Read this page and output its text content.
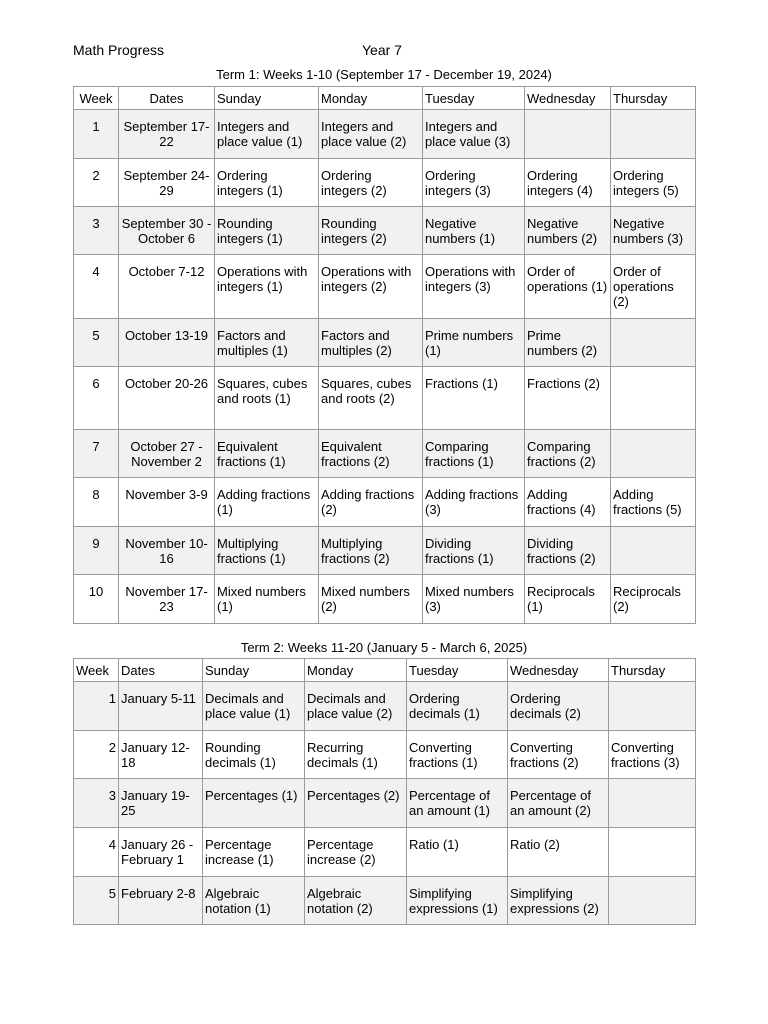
Math Progress	Year 7
Term 1: Weeks 1-10 (September 17 - December 19, 2024)
Week	Dates	Sunday	Monday	Tuesday	Wednesday	Thursday
1	September 17-22	Integers and place value (1)	Integers and place value (2)	Integers and place value (3)		
2	September 24-29	Ordering integers (1)	Ordering integers (2)	Ordering integers (3)	Ordering integers (4)	Ordering integers (5)
3	September 30 - October 6	Rounding integers (1)	Rounding integers (2)	Negative numbers (1)	Negative numbers (2)	Negative numbers (3)
4	October 7-12	Operations with integers (1)	Operations with integers (2)	Operations with integers (3)	Order of operations (1)	Order of operations (2)
5	October 13-19	Factors and multiples (1)	Factors and multiples (2)	Prime numbers (1)	Prime numbers (2)	
6	October 20-26	Squares, cubes and roots (1)	Squares, cubes and roots (2)	Fractions (1)	Fractions (2)	
7	October 27 - November 2	Equivalent fractions (1)	Equivalent fractions (2)	Comparing fractions (1)	Comparing fractions (2)	
8	November 3-9	Adding fractions (1)	Adding fractions (2)	Adding fractions (3)	Adding fractions (4)	Adding fractions (5)
9	November 10-16	Multiplying fractions (1)	Multiplying fractions (2)	Dividing fractions (1)	Dividing fractions (2)	
10	November 17-23	Mixed numbers (1)	Mixed numbers (2)	Mixed numbers (3)	Reciprocals (1)	Reciprocals (2)
Term 2: Weeks 11-20 (January 5 - March 6, 2025)
Week	Dates	Sunday	Monday	Tuesday	Wednesday	Thursday
1	January 5-11	Decimals and place value (1)	Decimals and place value (2)	Ordering decimals (1)	Ordering decimals (2)	
2	January 12-18	Rounding decimals (1)	Recurring decimals (1)	Converting fractions (1)	Converting fractions (2)	Converting fractions (3)
3	January 19-25	Percentages (1)	Percentages (2)	Percentage of an amount (1)	Percentage of an amount (2)	
4	January 26 - February 1	Percentage increase (1)	Percentage increase (2)	Ratio (1)	Ratio (2)	
5	February 2-8	Algebraic notation (1)	Algebraic notation (2)	Simplifying expressions (1)	Simplifying expressions (2)	
